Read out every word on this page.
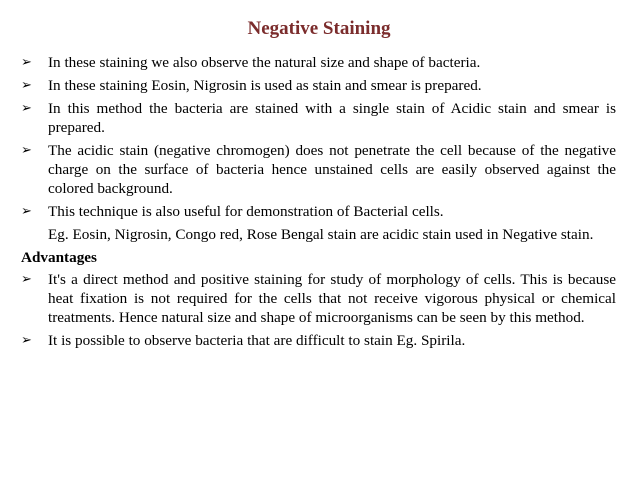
Negative Staining
➢ In these staining we also observe the natural size and shape of bacteria.
➢ In these staining Eosin, Nigrosin is used as stain and smear is prepared.
➢ In this method the bacteria are stained with a single stain of Acidic stain and smear is prepared.
➢ The acidic stain (negative chromogen) does not penetrate the cell because of the negative charge on the surface of bacteria hence unstained cells are easily observed against the colored background.
➢ This technique is also useful for demonstration of Bacterial cells.
Eg. Eosin, Nigrosin, Congo red, Rose Bengal stain are acidic stain used in Negative stain.
Advantages
➢ It's a direct method and positive staining for study of morphology of cells. This is because heat fixation is not required for the cells that not receive vigorous physical or chemical treatments. Hence natural size and shape of microorganisms can be seen by this method.
➢ It is possible to observe bacteria that are difficult to stain Eg. Spirila.
